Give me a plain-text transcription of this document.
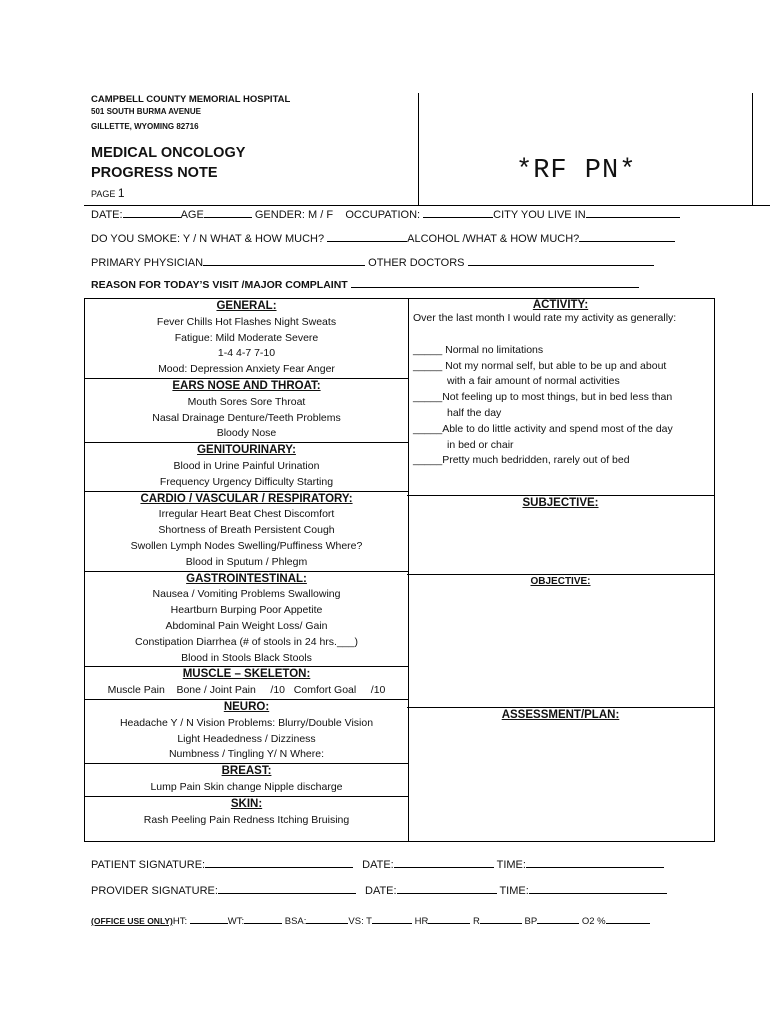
CAMPBELL COUNTY MEMORIAL HOSPITAL
501 SOUTH BURMA AVENUE
GILLETTE, WYOMING 82716
MEDICAL ONCOLOGY
PROGRESS NOTE
PAGE 1
*RF PN*
DATE:	AGE	GENDER: M / F OCCUPATION:	CITY YOU LIVE IN
DO YOU SMOKE: Y / N WHAT & HOW MUCH?	ALCOHOL /WHAT & HOW MUCH?
PRIMARY PHYSICIAN	OTHER DOCTORS
REASON FOR TODAY’S VISIT /MAJOR COMPLAINT
GENERAL:
Fever Chills Hot Flashes Night Sweats
Fatigue: Mild Moderate Severe
1-4 4-7 7-10
Mood: Depression Anxiety Fear Anger
EARS NOSE AND THROAT:
Mouth Sores Sore Throat
Nasal Drainage Denture/Teeth Problems
Bloody Nose
GENITOURINARY:
Blood in Urine Painful Urination
Frequency Urgency Difficulty Starting
CARDIO / VASCULAR / RESPIRATORY:
Irregular Heart Beat Chest Discomfort
Shortness of Breath Persistent Cough
Swollen Lymph Nodes Swelling/Puffiness Where?
Blood in Sputum / Phlegm
GASTROINTESTINAL:
Nausea / Vomiting Problems Swallowing
Heartburn Burping Poor Appetite
Abdominal Pain Weight Loss/ Gain
Constipation Diarrhea (# of stools in 24 hrs.___)
Blood in Stools Black Stools
MUSCLE – SKELETON:
Muscle Pain    Bone / Joint Pain     /10   Comfort Goal     /10
NEURO:
Headache Y / N Vision Problems: Blurry/Double Vision
Light Headedness / Dizziness
Numbness / Tingling Y/ N Where:
BREAST:
Lump Pain Skin change Nipple discharge
SKIN:
Rash Peeling Pain Redness Itching Bruising
ACTIVITY:
Over the last month I would rate my activity as generally:
_____ Normal no limitations
_____ Not my normal self, but able to be up and about
with a fair amount of normal activities
_____Not feeling up to most things, but in bed less than
half the day
_____Able to do little activity and spend most of the day
in bed or chair
_____Pretty much bedridden, rarely out of bed
SUBJECTIVE:
OBJECTIVE:
ASSESSMENT/PLAN:
PATIENT SIGNATURE:	DATE:	TIME:
PROVIDER SIGNATURE:	DATE:	TIME:
(OFFICE USE ONLY)HT:	WT:	BSA:	VS: T	HR	R	BP	O2 %
